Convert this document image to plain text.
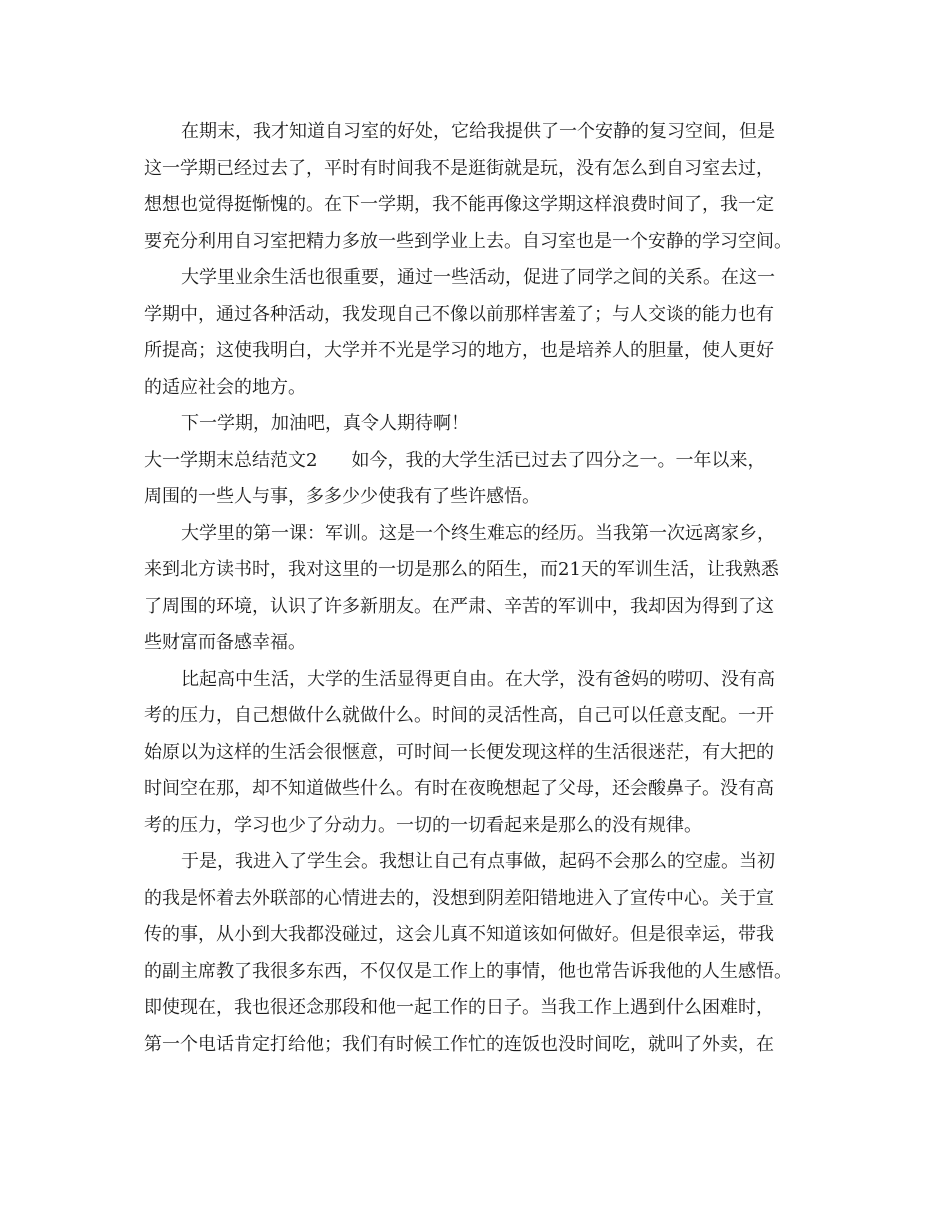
在期末，我才知道自习室的好处，它给我提供了一个安静的复习空间，但是
这一学期已经过去了，平时有时间我不是逛街就是玩，没有怎么到自习室去过，
想想也觉得挺惭愧的。在下一学期，我不能再像这学期这样浪费时间了，我一定
要充分利用自习室把精力多放一些到学业上去。自习室也是一个安静的学习空间。
大学里业余生活也很重要，通过一些活动，促进了同学之间的关系。在这一
学期中，通过各种活动，我发现自己不像以前那样害羞了；与人交谈的能力也有
所提高；这使我明白，大学并不光是学习的地方，也是培养人的胆量，使人更好
的适应社会的地方。
下一学期，加油吧，真令人期待啊！
大一学期末总结范文2 如今，我的大学生活已过去了四分之一。一年以来，
周围的一些人与事，多多少少使我有了些许感悟。
大学里的第一课：军训。这是一个终生难忘的经历。当我第一次远离家乡，
来到北方读书时，我对这里的一切是那么的陌生，而21天的军训生活，让我熟悉
了周围的环境，认识了许多新朋友。在严肃、辛苦的军训中，我却因为得到了这
些财富而备感幸福。
比起高中生活，大学的生活显得更自由。在大学，没有爸妈的唠叨、没有高
考的压力，自己想做什么就做什么。时间的灵活性高，自己可以任意支配。一开
始原以为这样的生活会很惬意，可时间一长便发现这样的生活很迷茫，有大把的
时间空在那，却不知道做些什么。有时在夜晚想起了父母，还会酸鼻子。没有高
考的压力，学习也少了分动力。一切的一切看起来是那么的没有规律。
于是，我进入了学生会。我想让自己有点事做，起码不会那么的空虚。当初
的我是怀着去外联部的心情进去的，没想到阴差阳错地进入了宣传中心。关于宣
传的事，从小到大我都没碰过，这会儿真不知道该如何做好。但是很幸运，带我
的副主席教了我很多东西，不仅仅是工作上的事情，他也常告诉我他的人生感悟。
即使现在，我也很还念那段和他一起工作的日子。当我工作上遇到什么困难时，
第一个电话肯定打给他；我们有时候工作忙的连饭也没时间吃，就叫了外卖，在
